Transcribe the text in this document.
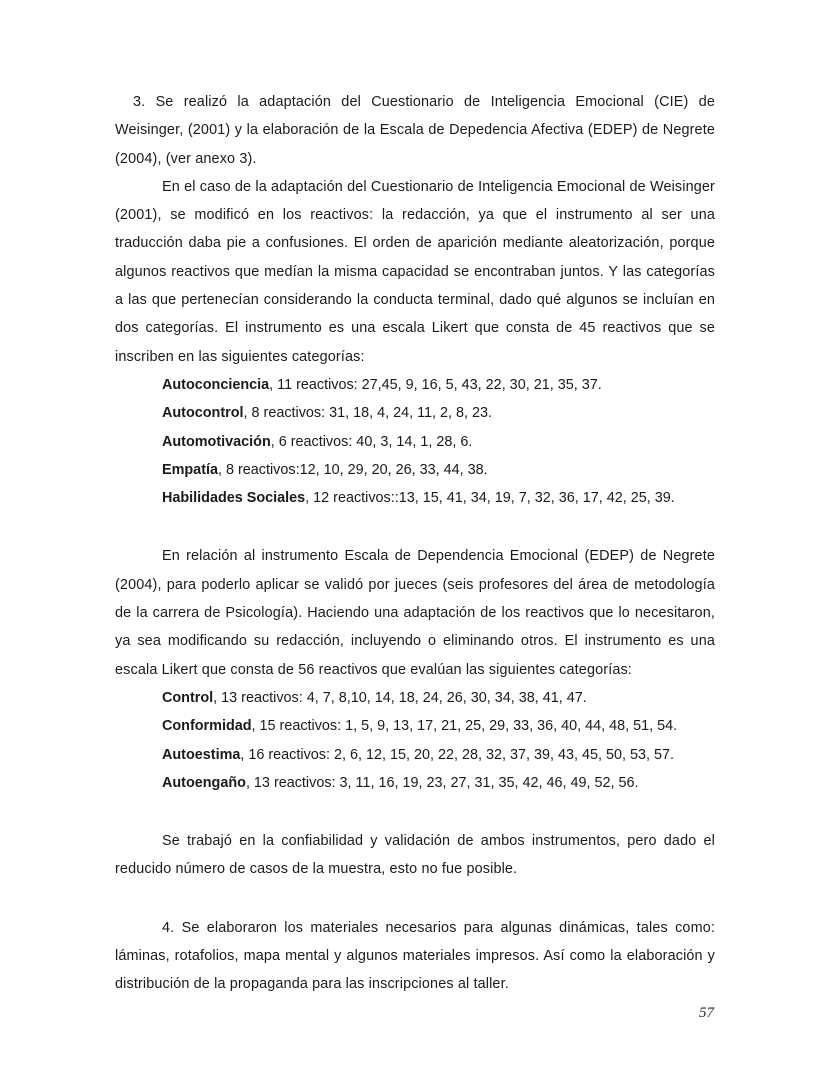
3. Se realizó la adaptación del Cuestionario de Inteligencia Emocional (CIE) de Weisinger, (2001) y la elaboración de la Escala de Depedencia Afectiva (EDEP) de Negrete (2004), (ver anexo 3).

En el caso de la adaptación del Cuestionario de Inteligencia Emocional de Weisinger (2001), se modificó en los reactivos: la redacción, ya que el instrumento al ser una traducción daba pie a confusiones. El orden de aparición mediante aleatorización, porque algunos reactivos que medían la misma capacidad se encontraban juntos. Y las categorías a las que pertenecían considerando la conducta terminal, dado qué algunos se incluían en dos categorías. El instrumento es una escala Likert que consta de 45 reactivos que se inscriben en las siguientes categorías:

Autoconciencia, 11 reactivos: 27,45, 9, 16, 5, 43, 22, 30, 21, 35, 37.
Autocontrol, 8 reactivos: 31, 18, 4, 24, 11, 2, 8, 23.
Automotivación, 6 reactivos: 40, 3, 14, 1, 28, 6.
Empatía, 8 reactivos:12, 10, 29, 20, 26, 33, 44, 38.
Habilidades Sociales, 12 reactivos::13, 15, 41, 34, 19, 7, 32, 36, 17, 42, 25, 39.

En relación al instrumento Escala de Dependencia Emocional (EDEP) de Negrete (2004), para poderlo aplicar se validó por jueces (seis profesores del área de metodología de la carrera de Psicología). Haciendo una adaptación de los reactivos que lo necesitaron, ya sea modificando su redacción, incluyendo o eliminando otros. El instrumento es una escala Likert que consta de 56 reactivos que evalúan las siguientes categorías:

Control, 13 reactivos: 4, 7, 8,10, 14, 18, 24, 26, 30, 34, 38, 41, 47.
Conformidad, 15 reactivos: 1, 5, 9, 13, 17, 21, 25, 29, 33, 36, 40, 44, 48, 51, 54.
Autoestima, 16 reactivos: 2, 6, 12, 15, 20, 22, 28, 32, 37, 39, 43, 45, 50, 53, 57.
Autoengaño, 13 reactivos: 3, 11, 16, 19, 23, 27, 31, 35, 42, 46, 49, 52, 56.

Se trabajó en la confiabilidad y validación de ambos instrumentos, pero dado el reducido número de casos de la muestra, esto no fue posible.

4. Se elaboraron los materiales necesarios para algunas dinámicas, tales como: láminas, rotafolios, mapa mental y algunos materiales impresos. Así como la elaboración y distribución de la propaganda para las inscripciones al taller.

57
